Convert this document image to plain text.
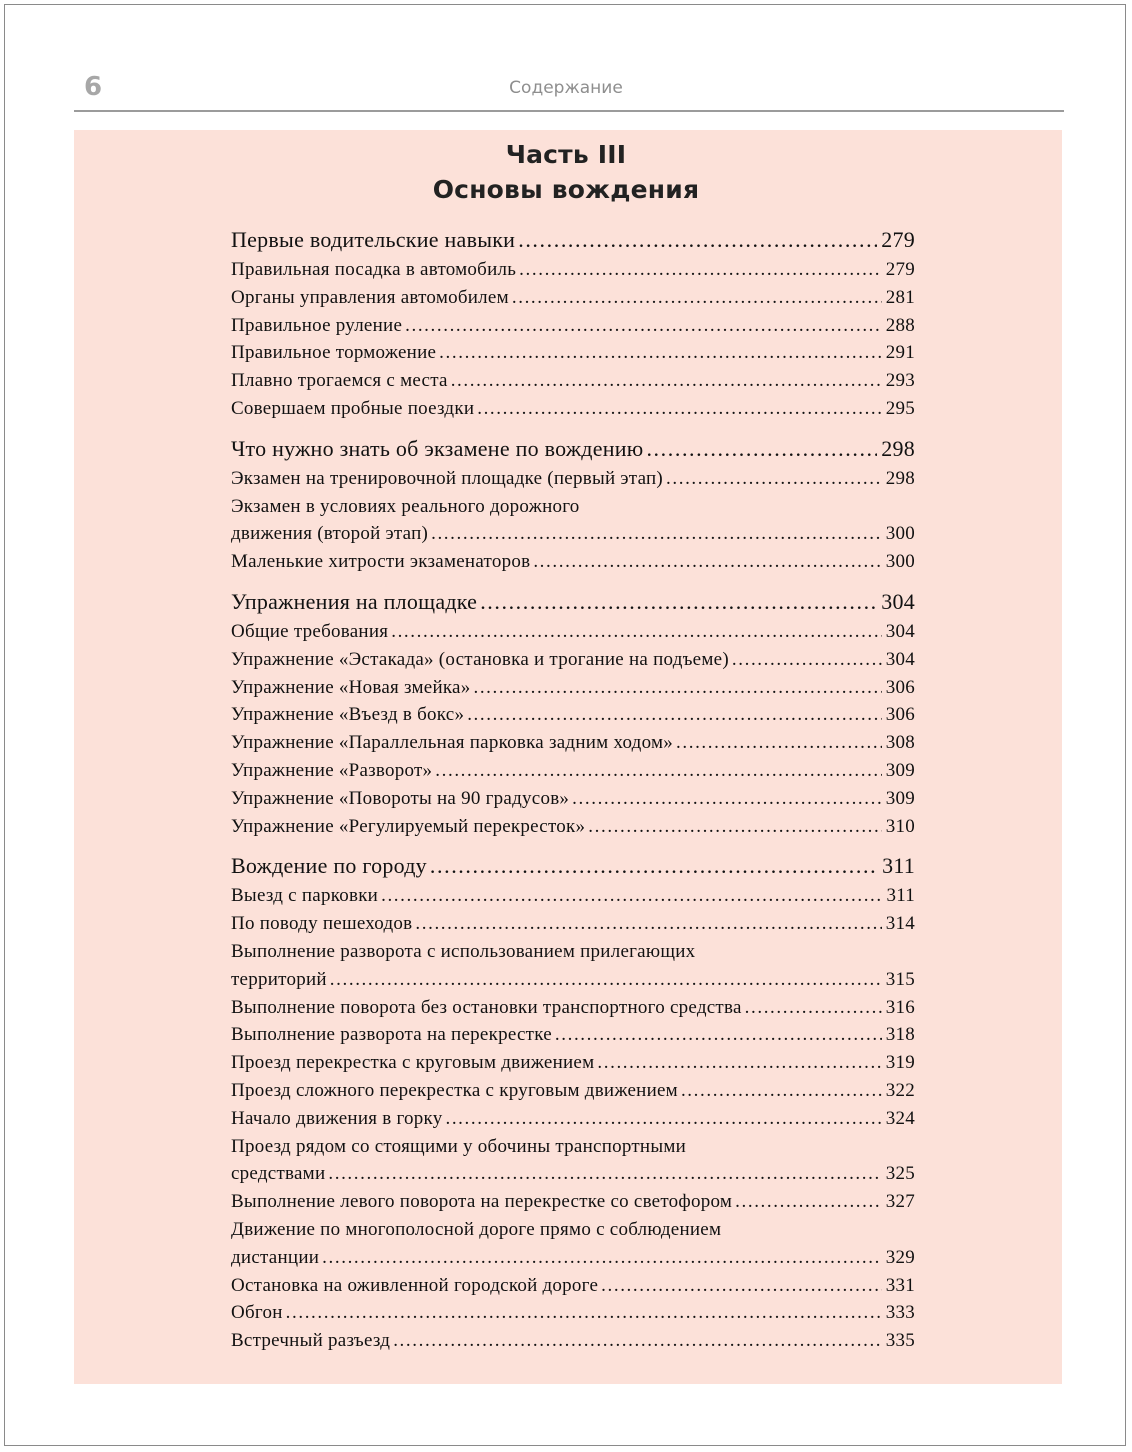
6	Содержание
Часть III
Основы вождения
Первые водительские навыки .....	279
Правильная посадка в автомобиль .....	279
Органы управления автомобилем .....	281
Правильное руление .....	288
Правильное торможение .....	291
Плавно трогаемся с места .....	293
Совершаем пробные поездки .....	295
Что нужно знать об экзамене по вождению .....	298
Экзамен на тренировочной площадке (первый этап) .....	298
Экзамен в условиях реального дорожного
движения (второй этап) .....	300
Маленькие хитрости экзаменаторов .....	300
Упражнения на площадке .....	304
Общие требования .....	304
Упражнение «Эстакада» (остановка и трогание на подъеме) .....	304
Упражнение «Новая змейка» .....	306
Упражнение «Въезд в бокс» .....	306
Упражнение «Параллельная парковка задним ходом» .....	308
Упражнение «Разворот» .....	309
Упражнение «Повороты на 90 градусов» .....	309
Упражнение «Регулируемый перекресток» .....	310
Вождение по городу .....	311
Выезд с парковки .....	311
По поводу пешеходов .....	314
Выполнение разворота с использованием прилегающих
территорий .....	315
Выполнение поворота без остановки транспортного средства .....	316
Выполнение разворота на перекрестке .....	318
Проезд перекрестка с круговым движением .....	319
Проезд сложного перекрестка с круговым движением .....	322
Начало движения в горку .....	324
Проезд рядом со стоящими у обочины транспортными
средствами .....	325
Выполнение левого поворота на перекрестке со светофором .....	327
Движение по многополосной дороге прямо с соблюдением
дистанции .....	329
Остановка на оживленной городской дороге .....	331
Обгон .....	333
Встречный разъезд .....	335
